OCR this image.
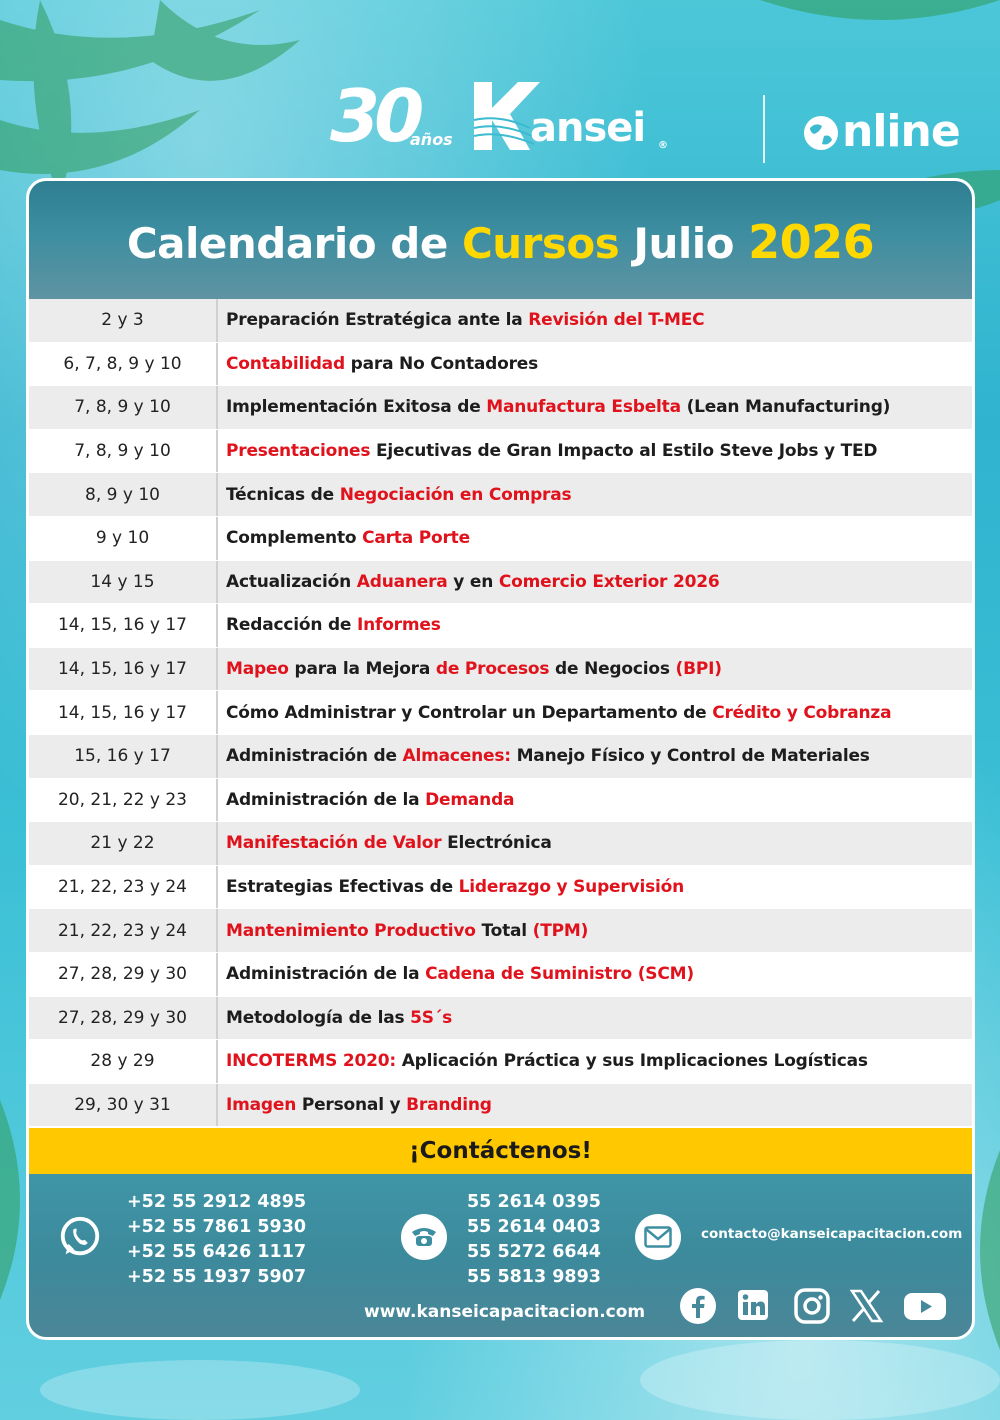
30
años ansei ®	nline
Calendario de Cursos Julio 2026
2 y 3	Preparación Estratégica ante la Revisión del T-MEC
6, 7, 8, 9 y 10	Contabilidad para No Contadores
7, 8, 9 y 10	Implementación Exitosa de Manufactura Esbelta (Lean Manufacturing)
7, 8, 9 y 10	Presentaciones Ejecutivas de Gran Impacto al Estilo Steve Jobs y TED
8, 9 y 10	Técnicas de Negociación en Compras
9 y 10	Complemento Carta Porte
14 y 15	Actualización Aduanera y en Comercio Exterior 2026
14, 15, 16 y 17	Redacción de Informes
14, 15, 16 y 17	Mapeo para la Mejora de Procesos de Negocios (BPI)
14, 15, 16 y 17	Cómo Administrar y Controlar un Departamento de Crédito y Cobranza
15, 16 y 17	Administración de Almacenes: Manejo Físico y Control de Materiales
20, 21, 22 y 23	Administración de la Demanda
21 y 22	Manifestación de Valor Electrónica
21, 22, 23 y 24	Estrategias Efectivas de Liderazgo y Supervisión
21, 22, 23 y 24	Mantenimiento Productivo Total (TPM)
27, 28, 29 y 30	Administración de la Cadena de Suministro (SCM)
27, 28, 29 y 30	Metodología de las 5S´s
28 y 29	INCOTERMS 2020: Aplicación Práctica y sus Implicaciones Logísticas
29, 30 y 31	Imagen Personal y Branding
¡Contáctenos!
+52 55 2912 4895
+52 55 7861 5930
+52 55 6426 1117
+52 55 1937 5907
55 2614 0395
55 2614 0403
55 5272 6644
55 5813 9893
contacto@kanseicapacitacion.com
www.kanseicapacitacion.com
